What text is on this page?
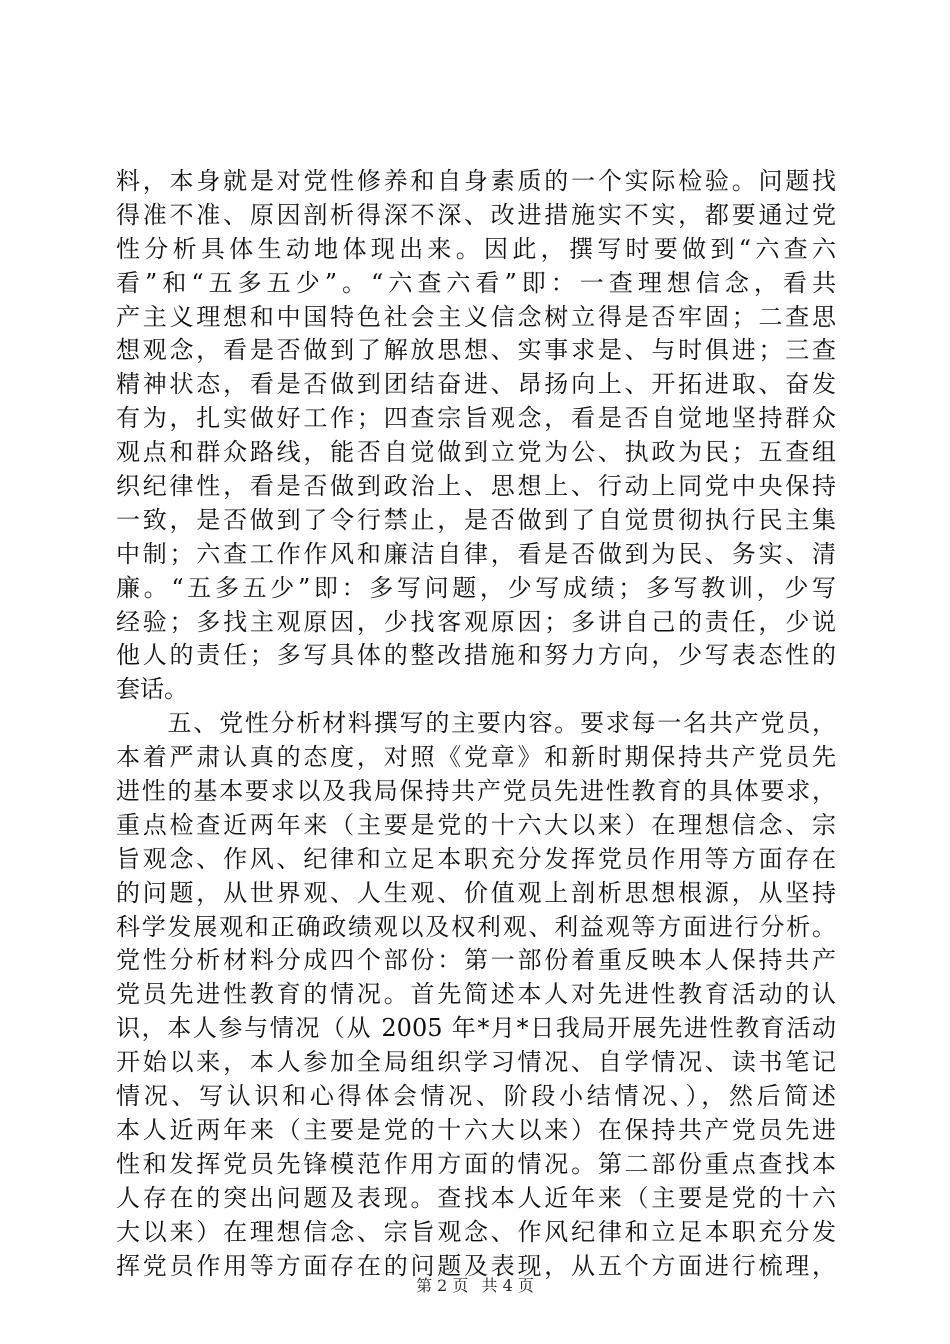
料，本身就是对党性修养和自身素质的一个实际检验。问题找
得准不准、原因剖析得深不深、改进措施实不实，都要通过党
性分析具体生动地体现出来。因此，撰写时要做到“六查六
看”和“五多五少”。“六查六看”即：一查理想信念，看共
产主义理想和中国特色社会主义信念树立得是否牢固；二查思
想观念，看是否做到了解放思想、实事求是、与时俱进；三查
精神状态，看是否做到团结奋进、昂扬向上、开拓进取、奋发
有为，扎实做好工作；四查宗旨观念，看是否自觉地坚持群众
观点和群众路线，能否自觉做到立党为公、执政为民；五查组
织纪律性，看是否做到政治上、思想上、行动上同党中央保持
一致，是否做到了令行禁止，是否做到了自觉贯彻执行民主集
中制；六查工作作风和廉洁自律，看是否做到为民、务实、清
廉。“五多五少”即：多写问题，少写成绩；多写教训，少写
经验；多找主观原因，少找客观原因；多讲自己的责任，少说
他人的责任；多写具体的整改措施和努力方向，少写表态性的
套话。
　　五、党性分析材料撰写的主要内容。要求每一名共产党员，
本着严肃认真的态度，对照《党章》和新时期保持共产党员先
进性的基本要求以及我局保持共产党员先进性教育的具体要求，
重点检查近两年来（主要是党的十六大以来）在理想信念、宗
旨观念、作风、纪律和立足本职充分发挥党员作用等方面存在
的问题，从世界观、人生观、价值观上剖析思想根源，从坚持
科学发展观和正确政绩观以及权利观、利益观等方面进行分析。
党性分析材料分成四个部份：第一部份着重反映本人保持共产
党员先进性教育的情况。首先简述本人对先进性教育活动的认
识，本人参与情况（从 2005 年*月*日我局开展先进性教育活动
开始以来，本人参加全局组织学习情况、自学情况、读书笔记
情况、写认识和心得体会情况、阶段小结情况、），然后简述
本人近两年来（主要是党的十六大以来）在保持共产党员先进
性和发挥党员先锋模范作用方面的情况。第二部份重点查找本
人存在的突出问题及表现。查找本人近年来（主要是党的十六
大以来）在理想信念、宗旨观念、作风纪律和立足本职充分发
挥党员作用等方面存在的问题及表现，从五个方面进行梳理，
第 2 页 共 4 页
